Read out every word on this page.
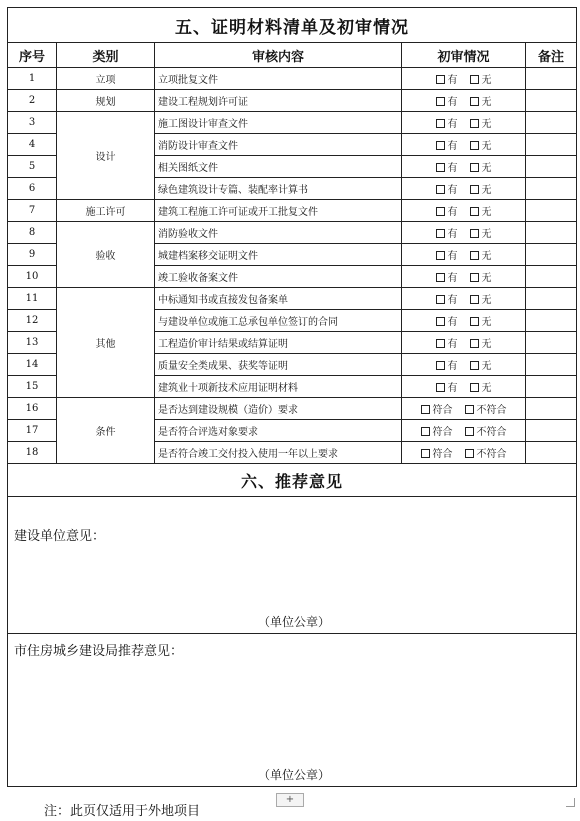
五、证明材料清单及初审情况				
序号	类别	审核内容	初审情况	备注
1	立项	立项批复文件	有 无	
2	规划	建设工程规划许可证	有 无	
3	设计	施工图设计审查文件	有 无	
4		消防设计审查文件	有 无	
5		相关图纸文件	有 无	
6		绿色建筑设计专篇、装配率计算书	有 无	
7	施工许可	建筑工程施工许可证或开工批复文件	有 无	
8	验收	消防验收文件	有 无	
9		城建档案移交证明文件	有 无	
10		竣工验收备案文件	有 无	
11	其他	中标通知书或直接发包备案单	有 无	
12		与建设单位或施工总承包单位签订的合同	有 无	
13		工程造价审计结果或结算证明	有 无	
14		质量安全类成果、获奖等证明	有 无	
15		建筑业十项新技术应用证明材料	有 无	
16	条件	是否达到建设规模（造价）要求	符合 不符合	
17		是否符合评选对象要求	符合 不符合	
18		是否符合竣工交付投入使用一年以上要求	符合 不符合	
六、推荐意见				

建设单位意见：
（单位公章）				

市住房城乡建设局推荐意见：
（单位公章）				
+
注：此页仅适用于外地项目
